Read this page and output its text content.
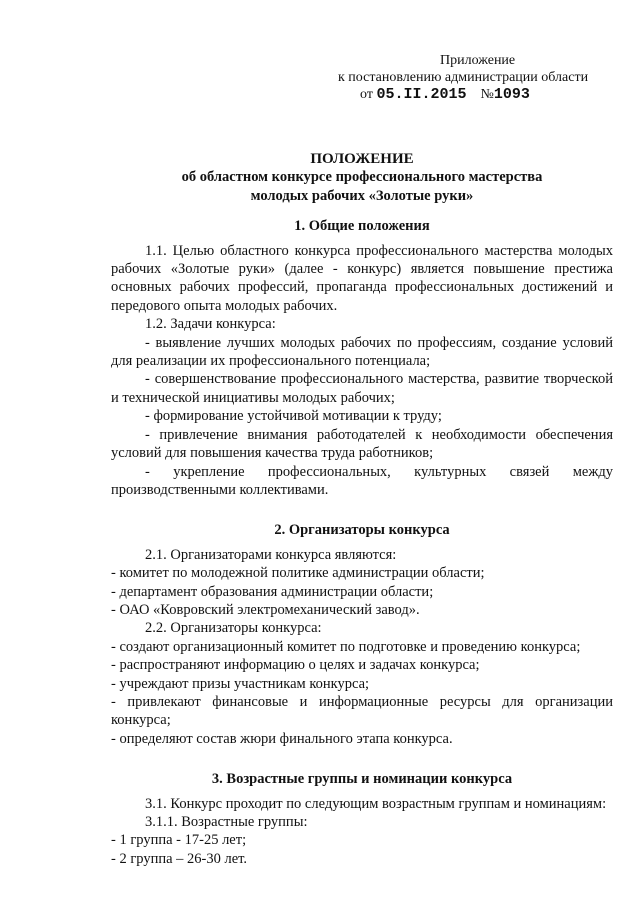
Приложение
к постановлению администрации области
от 05.II.2015 №1093
ПОЛОЖЕНИЕ
об областном конкурсе профессионального мастерства
молодых рабочих «Золотые руки»
1. Общие положения

1.1. Целью областного конкурса профессионального мастерства молодых рабочих «Золотые руки» (далее - конкурс) является повышение престижа основных рабочих профессий, пропаганда профессиональных достижений и передового опыта молодых рабочих.

1.2. Задачи конкурса:

- выявление лучших молодых рабочих по профессиям, создание условий для реализации их профессионального потенциала;

- совершенствование профессионального мастерства, развитие творческой и технической инициативы молодых рабочих;

- формирование устойчивой мотивации к труду;

- привлечение внимания работодателей к необходимости обеспечения условий для повышения качества труда работников;

- укрепление профессиональных, культурных связей между производственными коллективами.

2. Организаторы конкурса

2.1. Организаторами конкурса являются:

- комитет по молодежной политике администрации области;

- департамент образования администрации области;

- ОАО «Ковровский электромеханический завод».

2.2. Организаторы конкурса:

- создают организационный комитет по подготовке и проведению конкурса;

- распространяют информацию о целях и задачах конкурса;

- учреждают призы участникам конкурса;

- привлекают финансовые и информационные ресурсы для организации конкурса;

- определяют состав жюри финального этапа конкурса.

3. Возрастные группы и номинации конкурса

3.1. Конкурс проходит по следующим возрастным группам и номинациям:

3.1.1. Возрастные группы:

- 1 группа - 17-25 лет;

- 2 группа – 26-30 лет.
